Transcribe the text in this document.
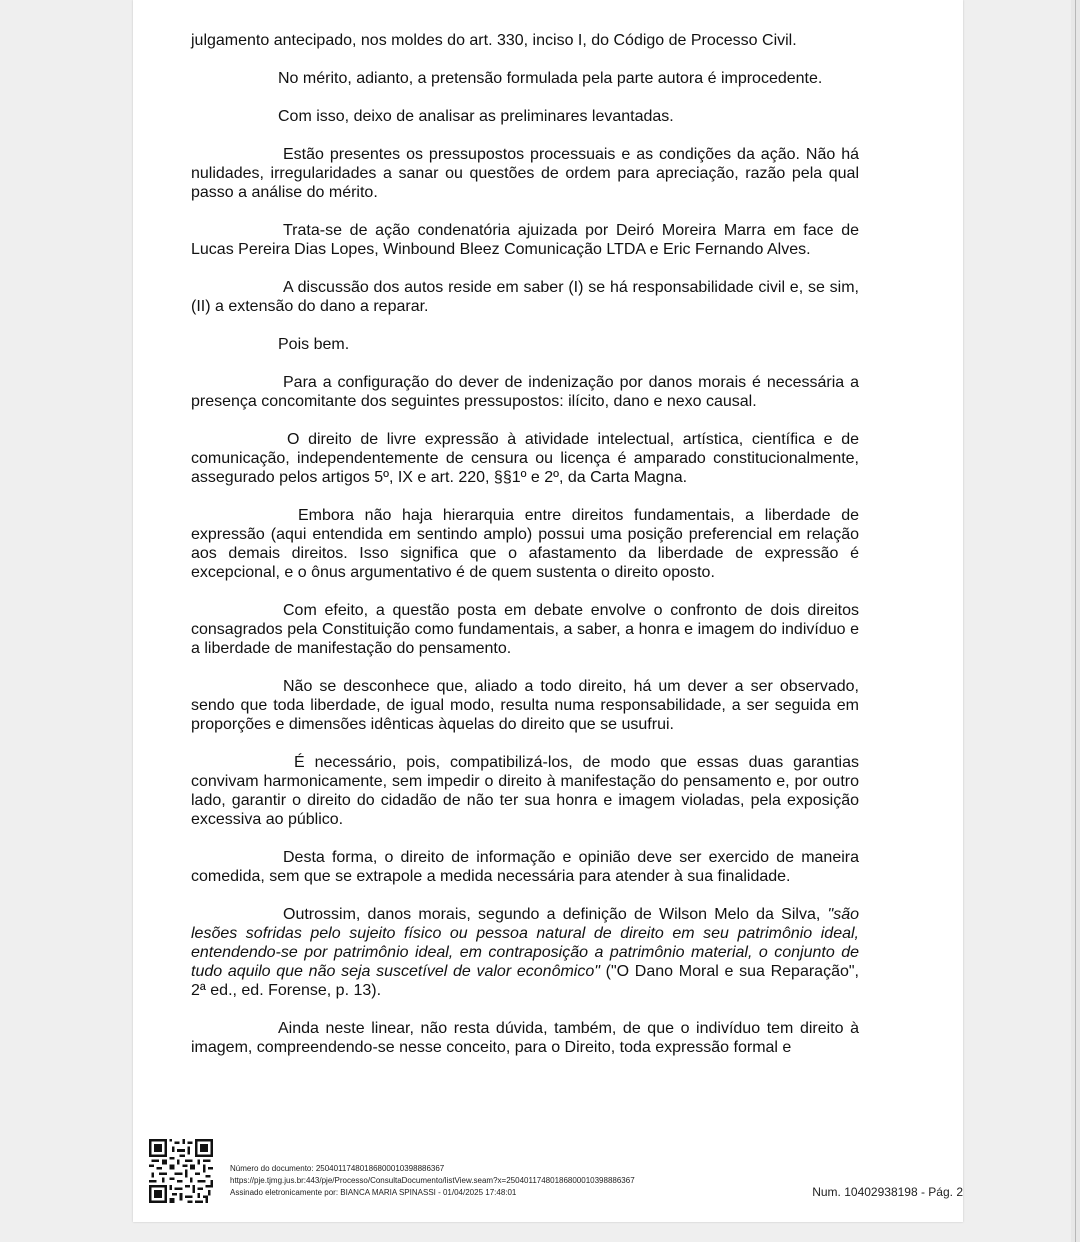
julgamento antecipado, nos moldes do art. 330, inciso I, do Código de Processo Civil.

No mérito, adianto, a pretensão formulada pela parte autora é improcedente.

Com isso, deixo de analisar as preliminares levantadas.

Estão presentes os pressupostos processuais e as condições da ação. Não há nulidades, irregularidades a sanar ou questões de ordem para apreciação, razão pela qual passo a análise do mérito.

Trata-se de ação condenatória ajuizada por Deiró Moreira Marra em face de Lucas Pereira Dias Lopes, Winbound Bleez Comunicação LTDA e Eric Fernando Alves.

A discussão dos autos reside em saber (I) se há responsabilidade civil e, se sim, (II) a extensão do dano a reparar.

Pois bem.

Para a configuração do dever de indenização por danos morais é necessária a presença concomitante dos seguintes pressupostos: ilícito, dano e nexo causal.

O direito de livre expressão à atividade intelectual, artística, científica e de comunicação, independentemente de censura ou licença é amparado constitucionalmente, assegurado pelos artigos 5º, IX e art. 220, §§1º e 2º, da Carta Magna.

Embora não haja hierarquia entre direitos fundamentais, a liberdade de expressão (aqui entendida em sentindo amplo) possui uma posição preferencial em relação aos demais direitos. Isso significa que o afastamento da liberdade de expressão é excepcional, e o ônus argumentativo é de quem sustenta o direito oposto.

Com efeito, a questão posta em debate envolve o confronto de dois direitos consagrados pela Constituição como fundamentais, a saber, a honra e imagem do indivíduo e a liberdade de manifestação do pensamento.

Não se desconhece que, aliado a todo direito, há um dever a ser observado, sendo que toda liberdade, de igual modo, resulta numa responsabilidade, a ser seguida em proporções e dimensões idênticas àquelas do direito que se usufrui.

É necessário, pois, compatibilizá-los, de modo que essas duas garantias convivam harmonicamente, sem impedir o direito à manifestação do pensamento e, por outro lado, garantir o direito do cidadão de não ter sua honra e imagem violadas, pela exposição excessiva ao público.

Desta forma, o direito de informação e opinião deve ser exercido de maneira comedida, sem que se extrapole a medida necessária para atender à sua finalidade.

Outrossim, danos morais, segundo a definição de Wilson Melo da Silva, "são lesões sofridas pelo sujeito físico ou pessoa natural de direito em seu patrimônio ideal, entendendo-se por patrimônio ideal, em contraposição a patrimônio material, o conjunto de tudo aquilo que não seja suscetível de valor econômico" ("O Dano Moral e sua Reparação", 2ª ed., ed. Forense, p. 13).

Ainda neste linear, não resta dúvida, também, de que o indivíduo tem direito à imagem, compreendendo-se nesse conceito, para o Direito, toda expressão formal e

Número do documento: 25040117480186800010398886367
https://pje.tjmg.jus.br:443/pje/Processo/ConsultaDocumento/listView.seam?x=25040117480186800010398886367
Assinado eletronicamente por: BIANCA MARIA SPINASSI - 01/04/2025 17:48:01	Num. 10402938198 - Pág. 2
